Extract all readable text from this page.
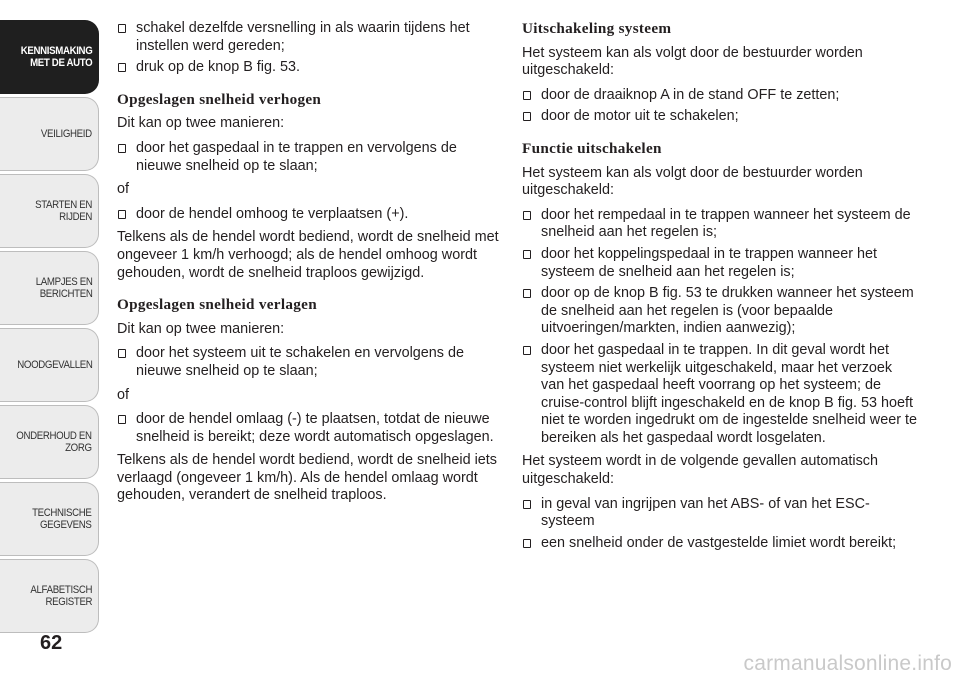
KENNISMAKING
MET DE AUTO
VEILIGHEID
STARTEN EN RIJDEN
LAMPJES EN
BERICHTEN
NOODGEVALLEN
ONDERHOUD EN
ZORG
TECHNISCHE
GEGEVENS
ALFABETISCH
REGISTER
62
schakel dezelfde versnelling in als waarin tijdens het instellen werd gereden;
druk op de knop B fig. 53.
Opgeslagen snelheid verhogen

Dit kan op twee manieren:

door het gaspedaal in te trappen en vervolgens de nieuwe snelheid op te slaan;

of

door de hendel omhoog te verplaatsen (+).

Telkens als de hendel wordt bediend, wordt de snelheid met ongeveer 1 km/h verhoogd; als de hendel omhoog wordt gehouden, wordt de snelheid traploos gewijzigd.

Opgeslagen snelheid verlagen

Dit kan op twee manieren:

door het systeem uit te schakelen en vervolgens de nieuwe snelheid op te slaan;

of

door de hendel omlaag (-) te plaatsen, totdat de nieuwe snelheid is bereikt; deze wordt automatisch opgeslagen.

Telkens als de hendel wordt bediend, wordt de snelheid iets verlaagd (ongeveer 1 km/h). Als de hendel omlaag wordt gehouden, verandert de snelheid traploos.

Uitschakeling systeem

Het systeem kan als volgt door de bestuurder worden uitgeschakeld:

door de draaiknop A in de stand OFF te zetten;
door de motor uit te schakelen;
Functie uitschakelen

Het systeem kan als volgt door de bestuurder worden uitgeschakeld:

door het rempedaal in te trappen wanneer het systeem de snelheid aan het regelen is;
door het koppelingspedaal in te trappen wanneer het systeem de snelheid aan het regelen is;
door op de knop B fig. 53 te drukken wanneer het systeem de snelheid aan het regelen is (voor bepaalde uitvoeringen/markten, indien aanwezig);
door het gaspedaal in te trappen. In dit geval wordt het systeem niet werkelijk uitgeschakeld, maar het verzoek van het gaspedaal heeft voorrang op het systeem; de cruise-control blijft ingeschakeld en de knop B fig. 53 hoeft niet te worden ingedrukt om de ingestelde snelheid weer te bereiken als het gaspedaal wordt losgelaten.

Het systeem wordt in de volgende gevallen automatisch uitgeschakeld:

in geval van ingrijpen van het ABS- of van het ESC-systeem
een snelheid onder de vastgestelde limiet wordt bereikt;
carmanualsonline.info
